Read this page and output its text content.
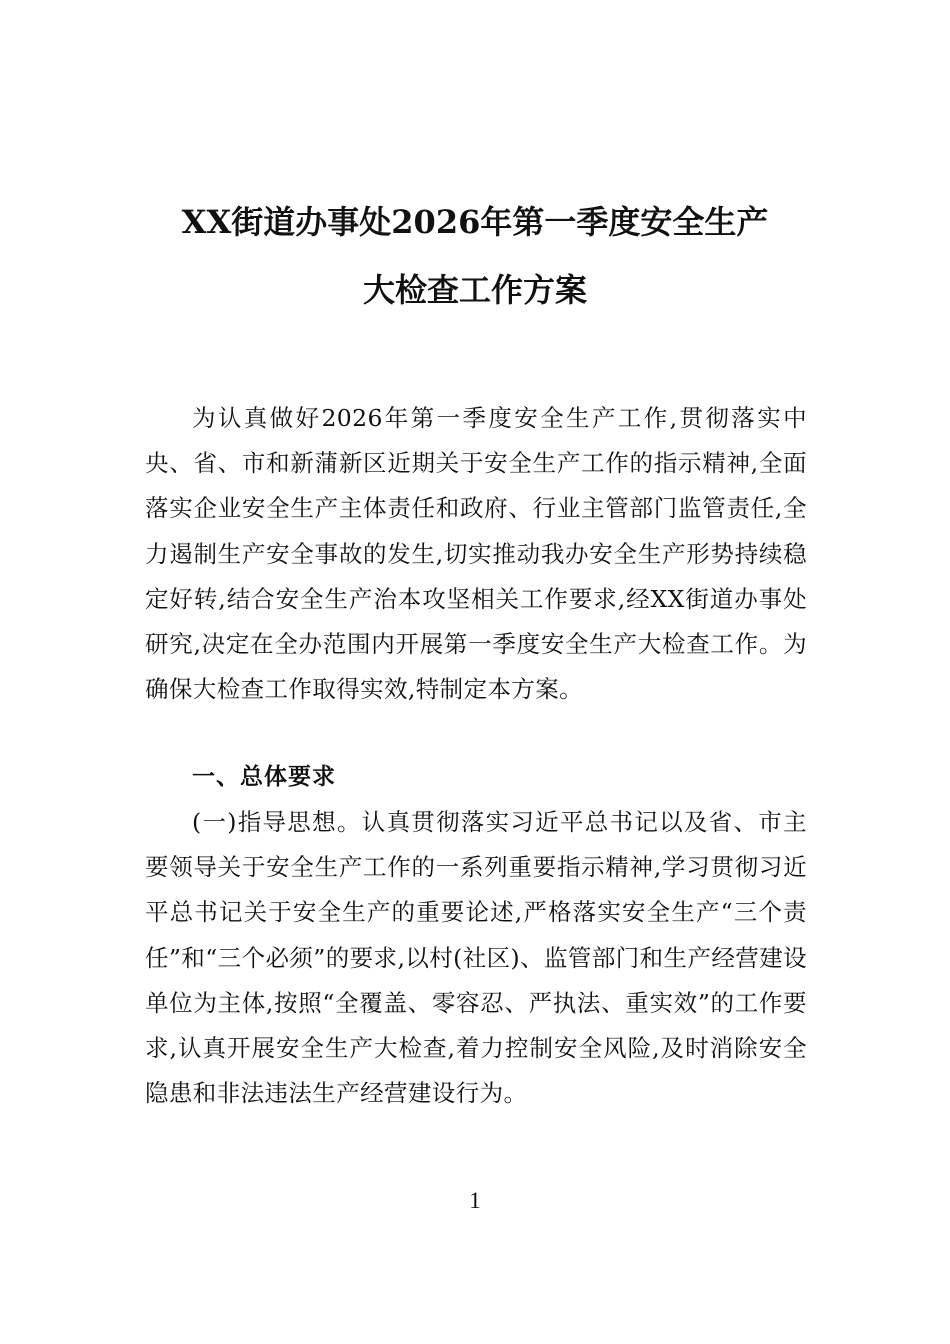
XX街道办事处2026年第一季度安全生产
大检查工作方案

为认真做好2026年第一季度安全生产工作,贯彻落实中央、省、市和新蒲新区近期关于安全生产工作的指示精神,全面落实企业安全生产主体责任和政府、行业主管部门监管责任,全力遏制生产安全事故的发生,切实推动我办安全生产形势持续稳定好转,结合安全生产治本攻坚相关工作要求,经XX街道办事处研究,决定在全办范围内开展第一季度安全生产大检查工作。为确保大检查工作取得实效,特制定本方案。

一、总体要求

(一)指导思想。认真贯彻落实习近平总书记以及省、市主要领导关于安全生产工作的一系列重要指示精神,学习贯彻习近平总书记关于安全生产的重要论述,严格落实安全生产“三个责任”和“三个必须”的要求,以村(社区)、监管部门和生产经营建设单位为主体,按照“全覆盖、零容忍、严执法、重实效”的工作要求,认真开展安全生产大检查,着力控制安全风险,及时消除安全隐患和非法违法生产经营建设行为。

1
